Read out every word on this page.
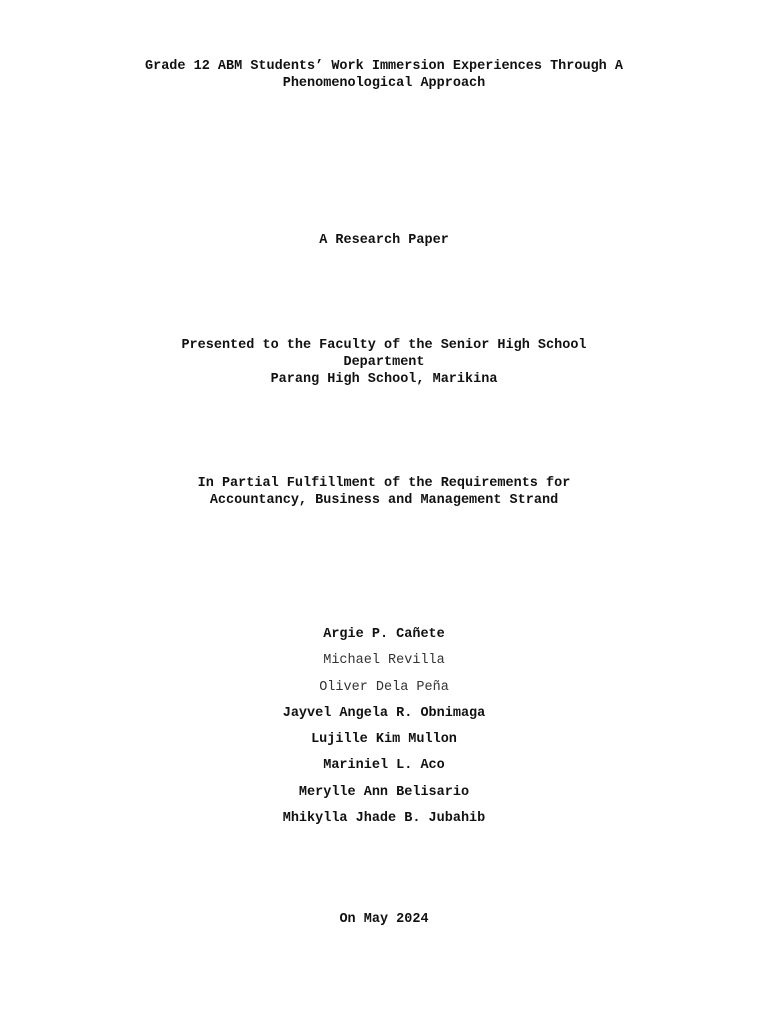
Grade 12 ABM Students’ Work Immersion Experiences Through A
Phenomenological Approach
A Research Paper
Presented to the Faculty of the Senior High School
Department
Parang High School, Marikina
In Partial Fulfillment of the Requirements for
Accountancy, Business and Management Strand
Argie P. Cañete
Michael Revilla
Oliver Dela Peña
Jayvel Angela R. Obnimaga
Lujille Kim Mullon
Mariniel L. Aco
Merylle Ann Belisario
Mhikylla Jhade B. Jubahib
On May 2024
